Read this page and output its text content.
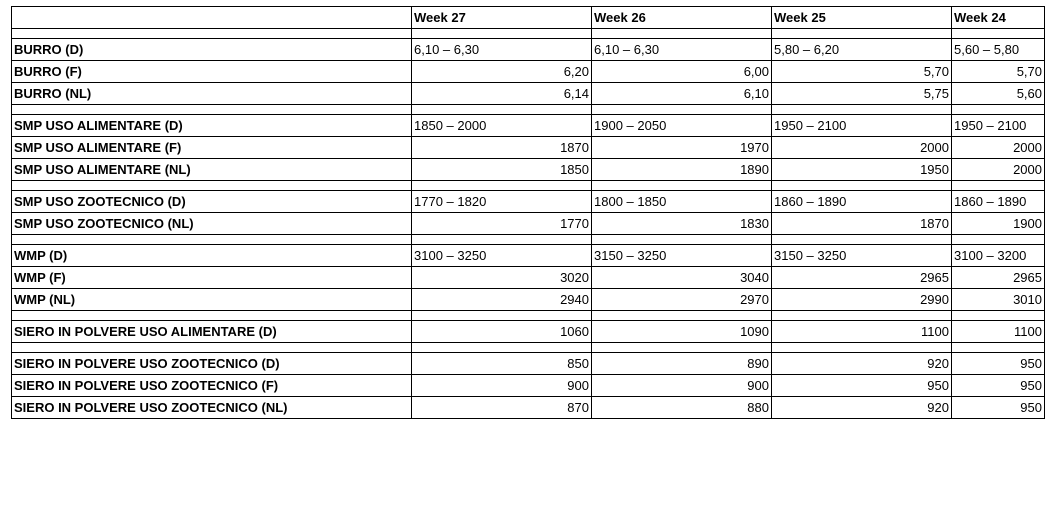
	Week 27	Week 26	Week 25	Week 24

BURRO (D)	6,10 – 6,30	6,10 – 6,30	5,80 – 6,20	5,60 – 5,80
BURRO (F)	6,20	6,00	5,70	5,70
BURRO (NL)	6,14	6,10	5,75	5,60

SMP USO ALIMENTARE (D)	1850 – 2000	1900 – 2050	1950 – 2100	1950 – 2100
SMP USO ALIMENTARE (F)	1870	1970	2000	2000
SMP USO ALIMENTARE (NL)	1850	1890	1950	2000

SMP USO ZOOTECNICO (D)	1770 – 1820	1800 – 1850	1860 – 1890	1860 – 1890
SMP USO ZOOTECNICO (NL)	1770	1830	1870	1900

WMP (D)	3100 – 3250	3150 – 3250	3150 – 3250	3100 – 3200
WMP (F)	3020	3040	2965	2965
WMP (NL)	2940	2970	2990	3010

SIERO IN POLVERE USO ALIMENTARE (D)	1060	1090	1100	1100

SIERO IN POLVERE USO ZOOTECNICO (D)	850	890	920	950
SIERO IN POLVERE USO ZOOTECNICO (F)	900	900	950	950
SIERO IN POLVERE USO ZOOTECNICO (NL)	870	880	920	950
